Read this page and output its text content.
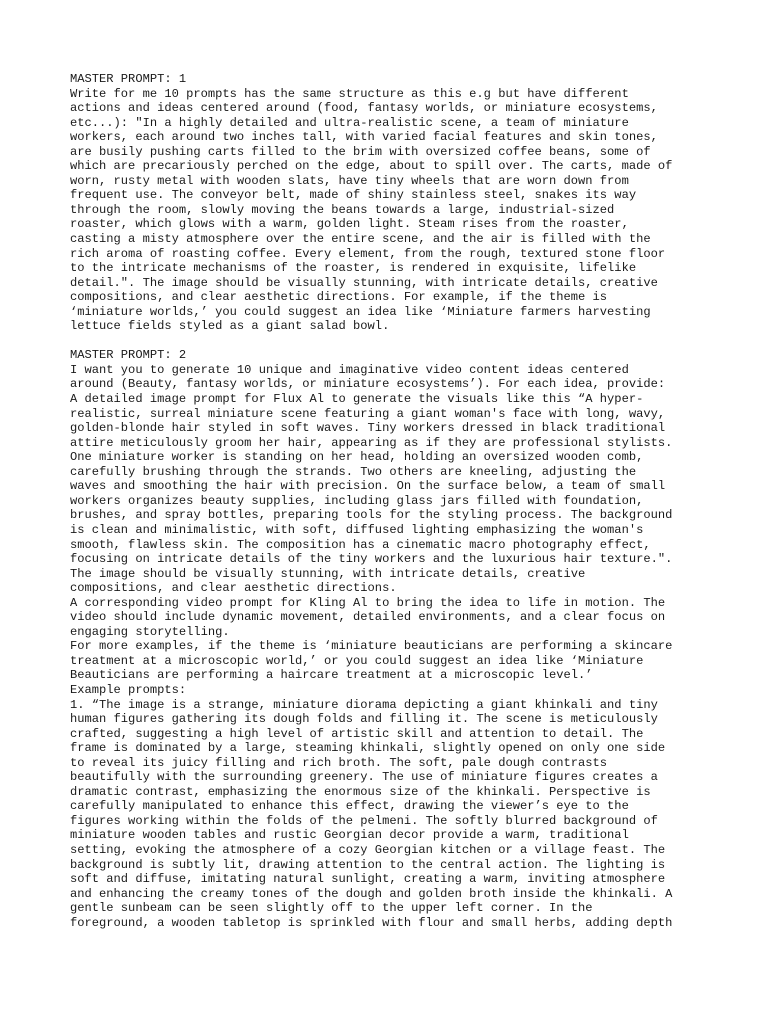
MASTER PROMPT: 1
Write for me 10 prompts has the same structure as this e.g but have different
actions and ideas centered around (food, fantasy worlds, or miniature ecosystems,
etc...): "In a highly detailed and ultra-realistic scene, a team of miniature
workers, each around two inches tall, with varied facial features and skin tones,
are busily pushing carts filled to the brim with oversized coffee beans, some of
which are precariously perched on the edge, about to spill over. The carts, made of
worn, rusty metal with wooden slats, have tiny wheels that are worn down from
frequent use. The conveyor belt, made of shiny stainless steel, snakes its way
through the room, slowly moving the beans towards a large, industrial-sized
roaster, which glows with a warm, golden light. Steam rises from the roaster,
casting a misty atmosphere over the entire scene, and the air is filled with the
rich aroma of roasting coffee. Every element, from the rough, textured stone floor
to the intricate mechanisms of the roaster, is rendered in exquisite, lifelike
detail.". The image should be visually stunning, with intricate details, creative
compositions, and clear aesthetic directions. For example, if the theme is
‘miniature worlds,’ you could suggest an idea like ‘Miniature farmers harvesting
lettuce fields styled as a giant salad bowl.
MASTER PROMPT: 2
I want you to generate 10 unique and imaginative video content ideas centered
around (Beauty, fantasy worlds, or miniature ecosystems’). For each idea, provide:
A detailed image prompt for Flux Al to generate the visuals like this “A hyper-
realistic, surreal miniature scene featuring a giant woman's face with long, wavy,
golden-blonde hair styled in soft waves. Tiny workers dressed in black traditional
attire meticulously groom her hair, appearing as if they are professional stylists.
One miniature worker is standing on her head, holding an oversized wooden comb,
carefully brushing through the strands. Two others are kneeling, adjusting the
waves and smoothing the hair with precision. On the surface below, a team of small
workers organizes beauty supplies, including glass jars filled with foundation,
brushes, and spray bottles, preparing tools for the styling process. The background
is clean and minimalistic, with soft, diffused lighting emphasizing the woman's
smooth, flawless skin. The composition has a cinematic macro photography effect,
focusing on intricate details of the tiny workers and the luxurious hair texture.".
The image should be visually stunning, with intricate details, creative
compositions, and clear aesthetic directions.
A corresponding video prompt for Kling Al to bring the idea to life in motion. The
video should include dynamic movement, detailed environments, and a clear focus on
engaging storytelling.
For more examples, if the theme is ‘miniature beauticians are performing a skincare
treatment at a microscopic world,’ or you could suggest an idea like ‘Miniature
Beauticians are performing a haircare treatment at a microscopic level.’
Example prompts:
1. “The image is a strange, miniature diorama depicting a giant khinkali and tiny
human figures gathering its dough folds and filling it. The scene is meticulously
crafted, suggesting a high level of artistic skill and attention to detail. The
frame is dominated by a large, steaming khinkali, slightly opened on only one side
to reveal its juicy filling and rich broth. The soft, pale dough contrasts
beautifully with the surrounding greenery. The use of miniature figures creates a
dramatic contrast, emphasizing the enormous size of the khinkali. Perspective is
carefully manipulated to enhance this effect, drawing the viewer’s eye to the
figures working within the folds of the pelmeni. The softly blurred background of
miniature wooden tables and rustic Georgian decor provide a warm, traditional
setting, evoking the atmosphere of a cozy Georgian kitchen or a village feast. The
background is subtly lit, drawing attention to the central action. The lighting is
soft and diffuse, imitating natural sunlight, creating a warm, inviting atmosphere
and enhancing the creamy tones of the dough and golden broth inside the khinkali. A
gentle sunbeam can be seen slightly off to the upper left corner. In the
foreground, a wooden tabletop is sprinkled with flour and small herbs, adding depth
